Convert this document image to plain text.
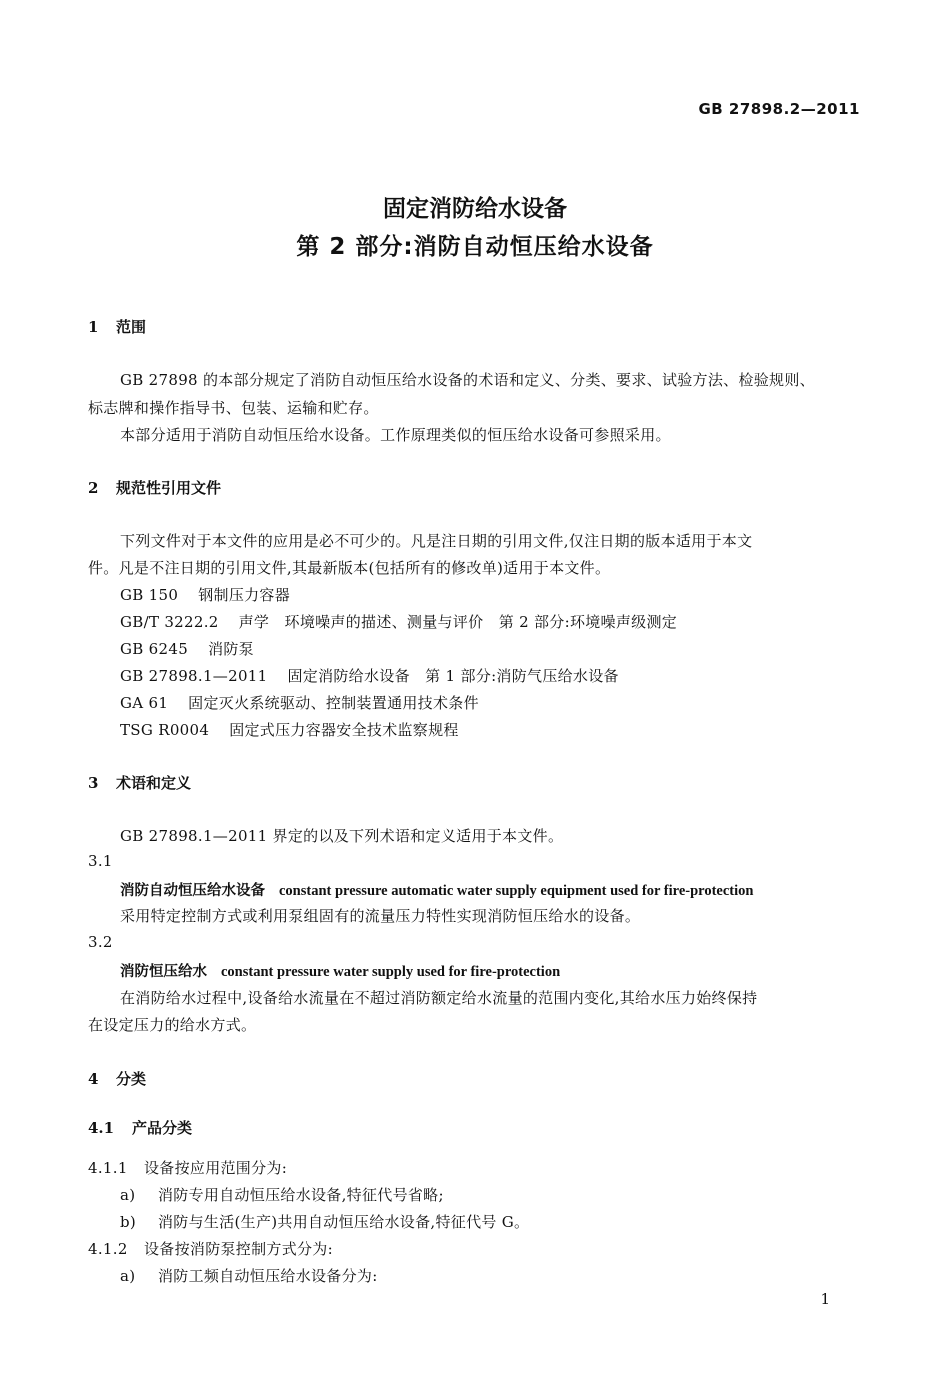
GB 27898.2—2011
固定消防给水设备
第 2 部分:消防自动恒压给水设备
1 范围
GB 27898 的本部分规定了消防自动恒压给水设备的术语和定义、分类、要求、试验方法、检验规则、
标志牌和操作指导书、包装、运输和贮存。
本部分适用于消防自动恒压给水设备。工作原理类似的恒压给水设备可参照采用。
2 规范性引用文件
下列文件对于本文件的应用是必不可少的。凡是注日期的引用文件,仅注日期的版本适用于本文
件。凡是不注日期的引用文件,其最新版本(包括所有的修改单)适用于本文件。
GB 150 钢制压力容器
GB/T 3222.2 声学　环境噪声的描述、测量与评价　第 2 部分:环境噪声级测定
GB 6245 消防泵
GB 27898.1—2011 固定消防给水设备　第 1 部分:消防气压给水设备
GA 61 固定灭火系统驱动、控制装置通用技术条件
TSG R0004 固定式压力容器安全技术监察规程
3 术语和定义
GB 27898.1—2011 界定的以及下列术语和定义适用于本文件。
3.1
消防自动恒压给水设备 constant pressure automatic water supply equipment used for fire-protection
采用特定控制方式或利用泵组固有的流量压力特性实现消防恒压给水的设备。
3.2
消防恒压给水 constant pressure water supply used for fire-protection
在消防给水过程中,设备给水流量在不超过消防额定给水流量的范围内变化,其给水压力始终保持
在设定压力的给水方式。
4 分类
4.1 产品分类
4.1.1 设备按应用范围分为:
a) 消防专用自动恒压给水设备,特征代号省略;
b) 消防与生活(生产)共用自动恒压给水设备,特征代号 G。
4.1.2 设备按消防泵控制方式分为:
a) 消防工频自动恒压给水设备分为:
1
